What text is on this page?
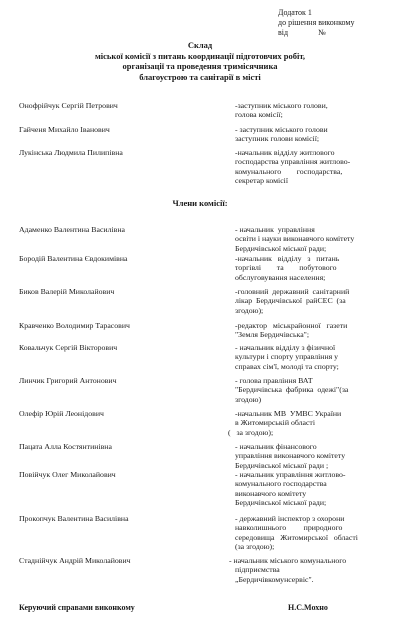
Додаток 1
до рішення виконкому
від               №
Склад
міської комісії з питань координації підготовчих робіт,
організації та проведення тримісячника
благоустрою та санітарії в місті
Онофрійчук Сергій Петрович	-заступник міського голови,
голова комісії;
Гайченя Михайло Іванович	- заступник міського голови
заступник голови комісії;
Лукінська Людмила Пилипівна	-начальник відділу житлового
господарства управління житлово-
комунального        господарства,
секретар комісії
Члени комісії:
Адаменко Валентина Василівна	- начальник  управління
освіти і науки виконавчого комітету
Бердичівської міської ради;
Бородій Валентина Євдокимівна	-начальник   відділу   з   питань
торгівлі        та        побутового
обслуговування населення;
Биков Валерій Миколайович	-головний  державний  санітарний
лікар  Бердичівської  райСЕС  (за
згодою);
Кравченко Володимир Тарасович	-редактор   міськрайонної   газети
"Земля Бердичівська";
Ковальчук Сергій Вікторович	- начальник відділу з фізичної
культури і спорту управління у
справах сім'ї, молоді та спорту;
Линчик Григорий Антонович	- голова правління ВАТ
"Бердичівська  фабрика  одежі"(за
згодою)
Олефір Юрій Леонідович	-начальник МВ  УМВС України
в Житомирській області
(   за згодою);
Пацата Алла Костянтинівна	- начальник фінансового
управління виконавчого комітету
Бердичівської міської ради ;
Повійчук Олег Миколайович	- начальник управління житлово-
комунального господарства
виконавчого комітету
Бердичівської міської ради;
Прокопчук Валентина Василівна	- державний інспектор з охорони
навколишнього         природного
середовища   Житомирської   області
(за згодою);
Стаднійчук Андрій Миколайович	- начальник міського комунального
підприємства
„Бердичівкомунсервіс".
Керуючий справами виконкому	Н.С.Мохно
